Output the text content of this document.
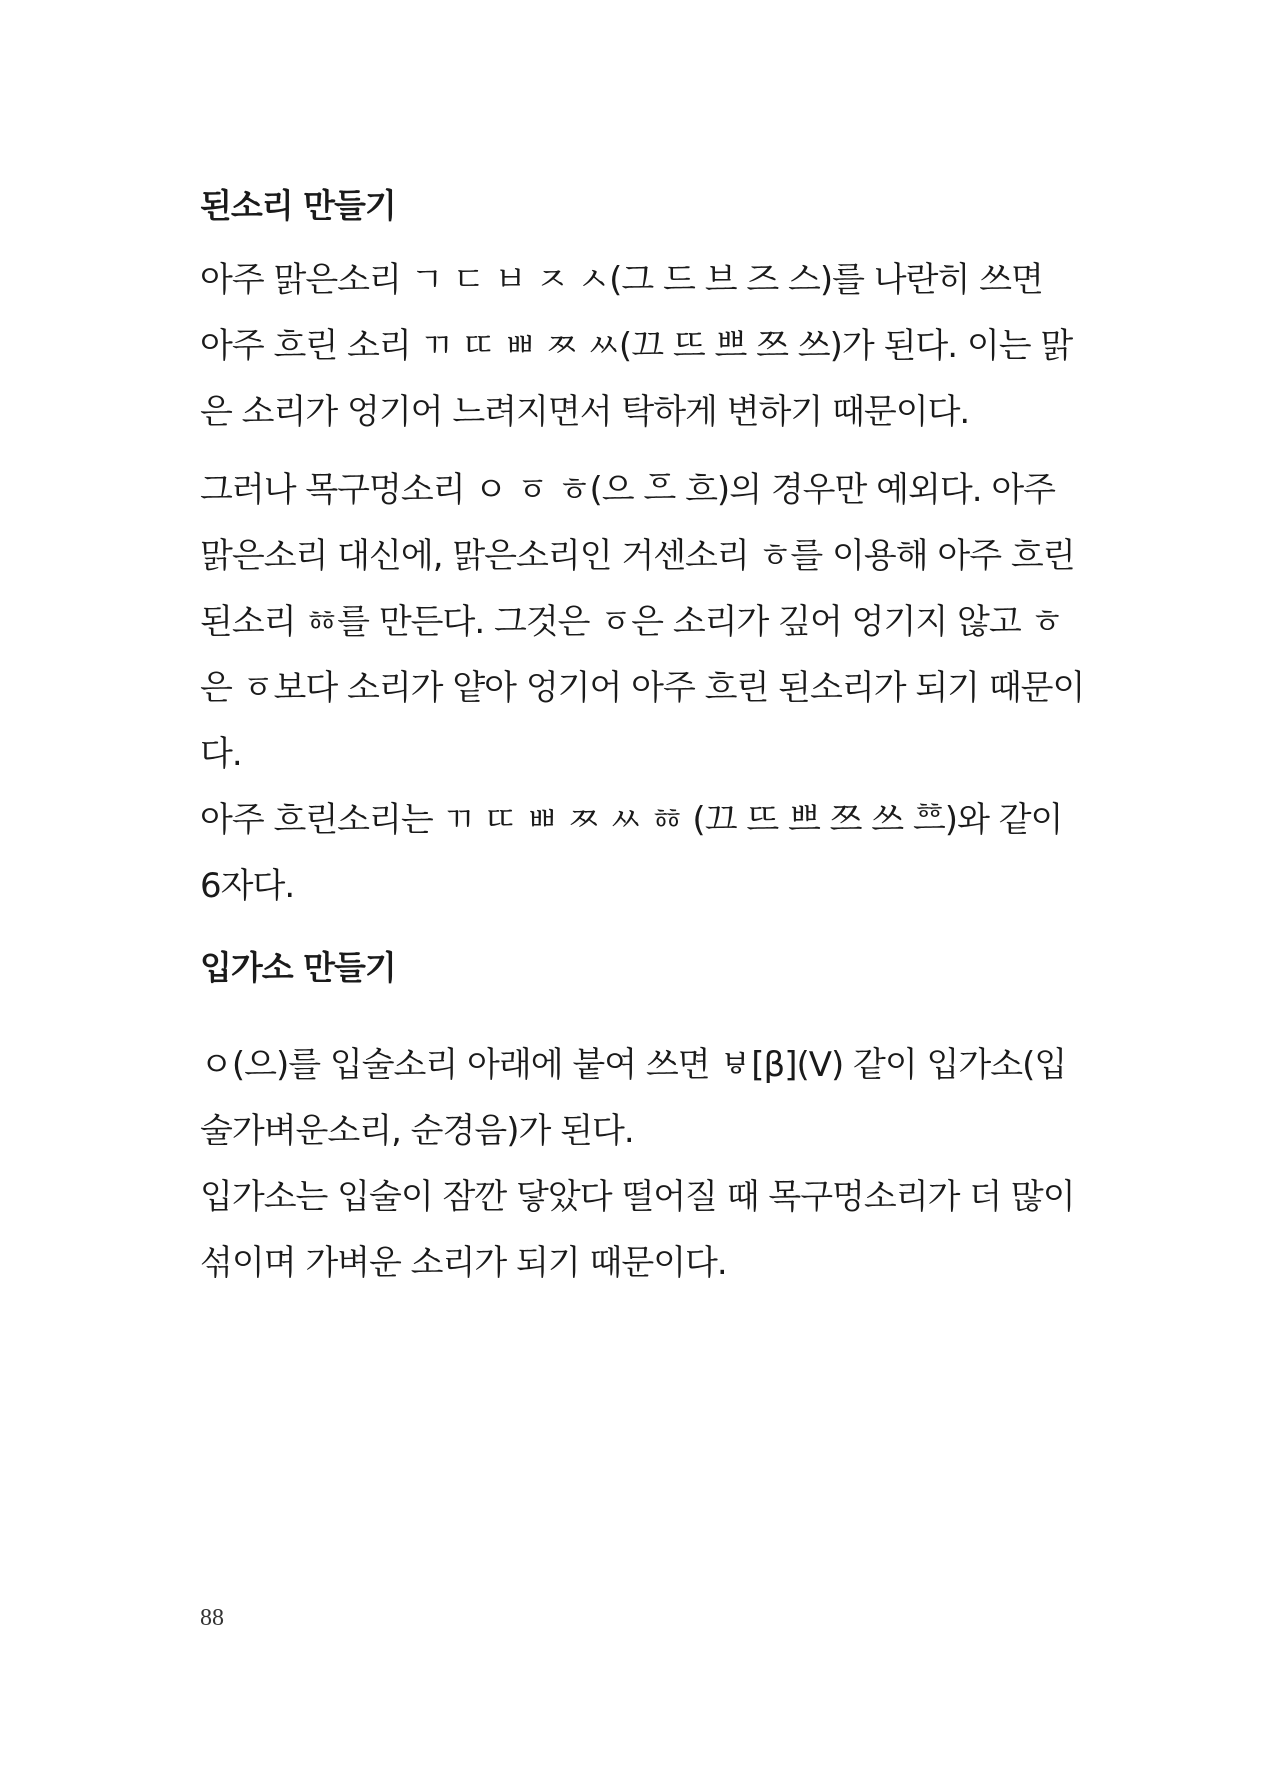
된소리 만들기
아주 맑은소리 ㄱ ㄷ ㅂ ㅈ ㅅ(그 드 브 즈 스)를 나란히 쓰면
아주 흐린 소리 ㄲ ㄸ ㅃ ㅉ ㅆ(끄 뜨 쁘 쯔 쓰)가 된다. 이는 맑
은 소리가 엉기어 느려지면서 탁하게 변하기 때문이다.
그러나 목구멍소리 ㅇ ㆆ ㅎ(으 ᅙᅳ 흐)의 경우만 예외다. 아주
맑은소리 대신에, 맑은소리인 거센소리 ㅎ를 이용해 아주 흐린
된소리 ㆅ를 만든다. 그것은 ㆆ은 소리가 깊어 엉기지 않고 ㅎ
은 ㆆ보다 소리가 얕아 엉기어 아주 흐린 된소리가 되기 때문이
다.
아주 흐린소리는 ㄲ ㄸ ㅃ ㅉ ㅆ ㆅ (끄 뜨 쁘 쯔 쓰 ᅘᅳ)와 같이
6자다.
입가소 만들기
ㅇ(으)를 입술소리 아래에 붙여 쓰면 ㅸ[β](V) 같이 입가소(입
술가벼운소리, 순경음)가 된다.
입가소는 입술이 잠깐 닿았다 떨어질 때 목구멍소리가 더 많이
섞이며 가벼운 소리가 되기 때문이다.
88
